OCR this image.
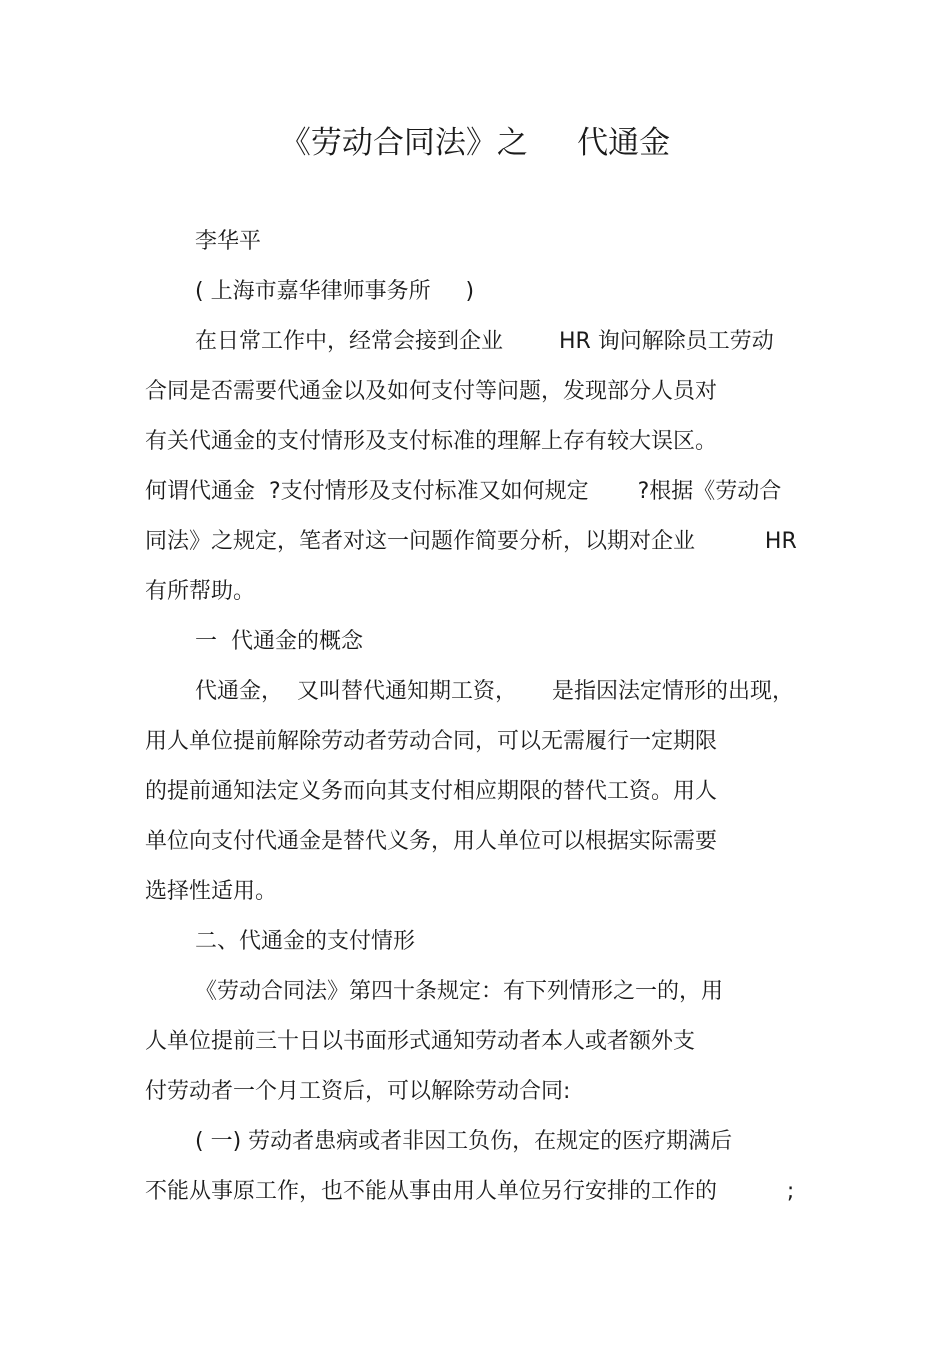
《劳动合同法》之     代通金
李华平
( 上海市嘉华律师事务所     )
在日常工作中，经常会接到企业        HR 询问解除员工劳动
合同是否需要代通金以及如何支付等问题，发现部分人员对
有关代通金的支付情形及支付标准的理解上存有较大误区。
何谓代通金  ?支付情形及支付标准又如何规定       ?根据《劳动合
同法》之规定，笔者对这一问题作简要分析，以期对企业          HR
有所帮助。
一  代通金的概念
代通金，  又叫替代通知期工资，     是指因法定情形的出现，
用人单位提前解除劳动者劳动合同，可以无需履行一定期限
的提前通知法定义务而向其支付相应期限的替代工资。用人
单位向支付代通金是替代义务，用人单位可以根据实际需要
选择性适用。
二、代通金的支付情形
《劳动合同法》第四十条规定：有下列情形之一的，用
人单位提前三十日以书面形式通知劳动者本人或者额外支
付劳动者一个月工资后，可以解除劳动合同:
( 一) 劳动者患病或者非因工负伤，在规定的医疗期满后
不能从事原工作，也不能从事由用人单位另行安排的工作的          ;
